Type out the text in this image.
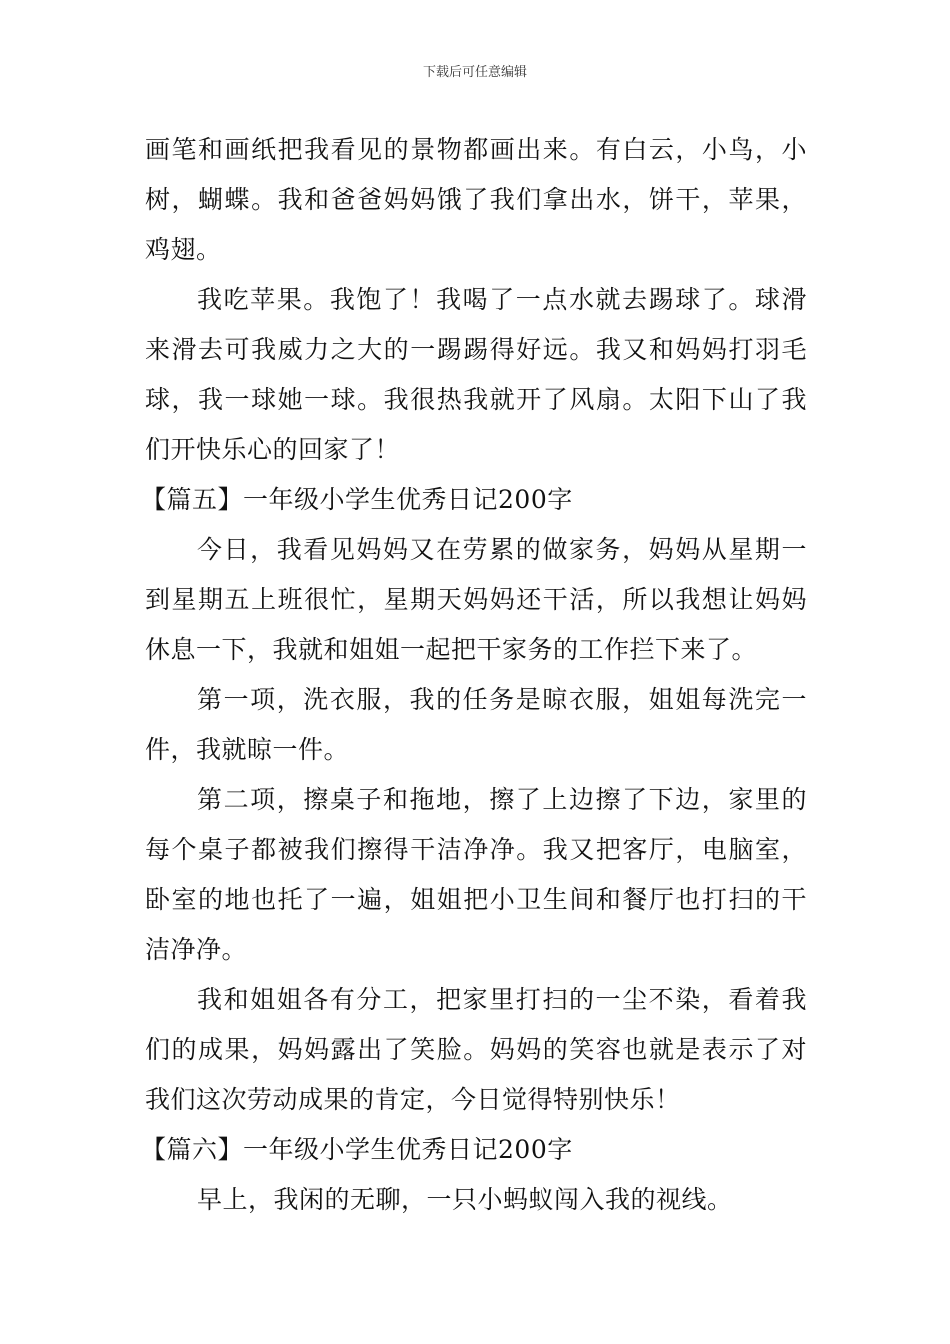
下载后可任意编辑

画笔和画纸把我看见的景物都画出来。有白云，小鸟，小树，蝴蝶。我和爸爸妈妈饿了我们拿出水，饼干，苹果，鸡翅。

我吃苹果。我饱了！我喝了一点水就去踢球了。球滑来滑去可我威力之大的一踢踢得好远。我又和妈妈打羽毛球，我一球她一球。我很热我就开了风扇。太阳下山了我们开快乐心的回家了！

【篇五】一年级小学生优秀日记200字

今日，我看见妈妈又在劳累的做家务，妈妈从星期一到星期五上班很忙，星期天妈妈还干活，所以我想让妈妈休息一下，我就和姐姐一起把干家务的工作拦下来了。

第一项，洗衣服，我的任务是晾衣服，姐姐每洗完一件，我就晾一件。

第二项，擦桌子和拖地，擦了上边擦了下边，家里的每个桌子都被我们擦得干洁净净。我又把客厅，电脑室，卧室的地也托了一遍，姐姐把小卫生间和餐厅也打扫的干洁净净。

我和姐姐各有分工，把家里打扫的一尘不染，看着我们的成果，妈妈露出了笑脸。妈妈的笑容也就是表示了对我们这次劳动成果的肯定，今日觉得特别快乐！

【篇六】一年级小学生优秀日记200字

早上，我闲的无聊，一只小蚂蚁闯入我的视线。
